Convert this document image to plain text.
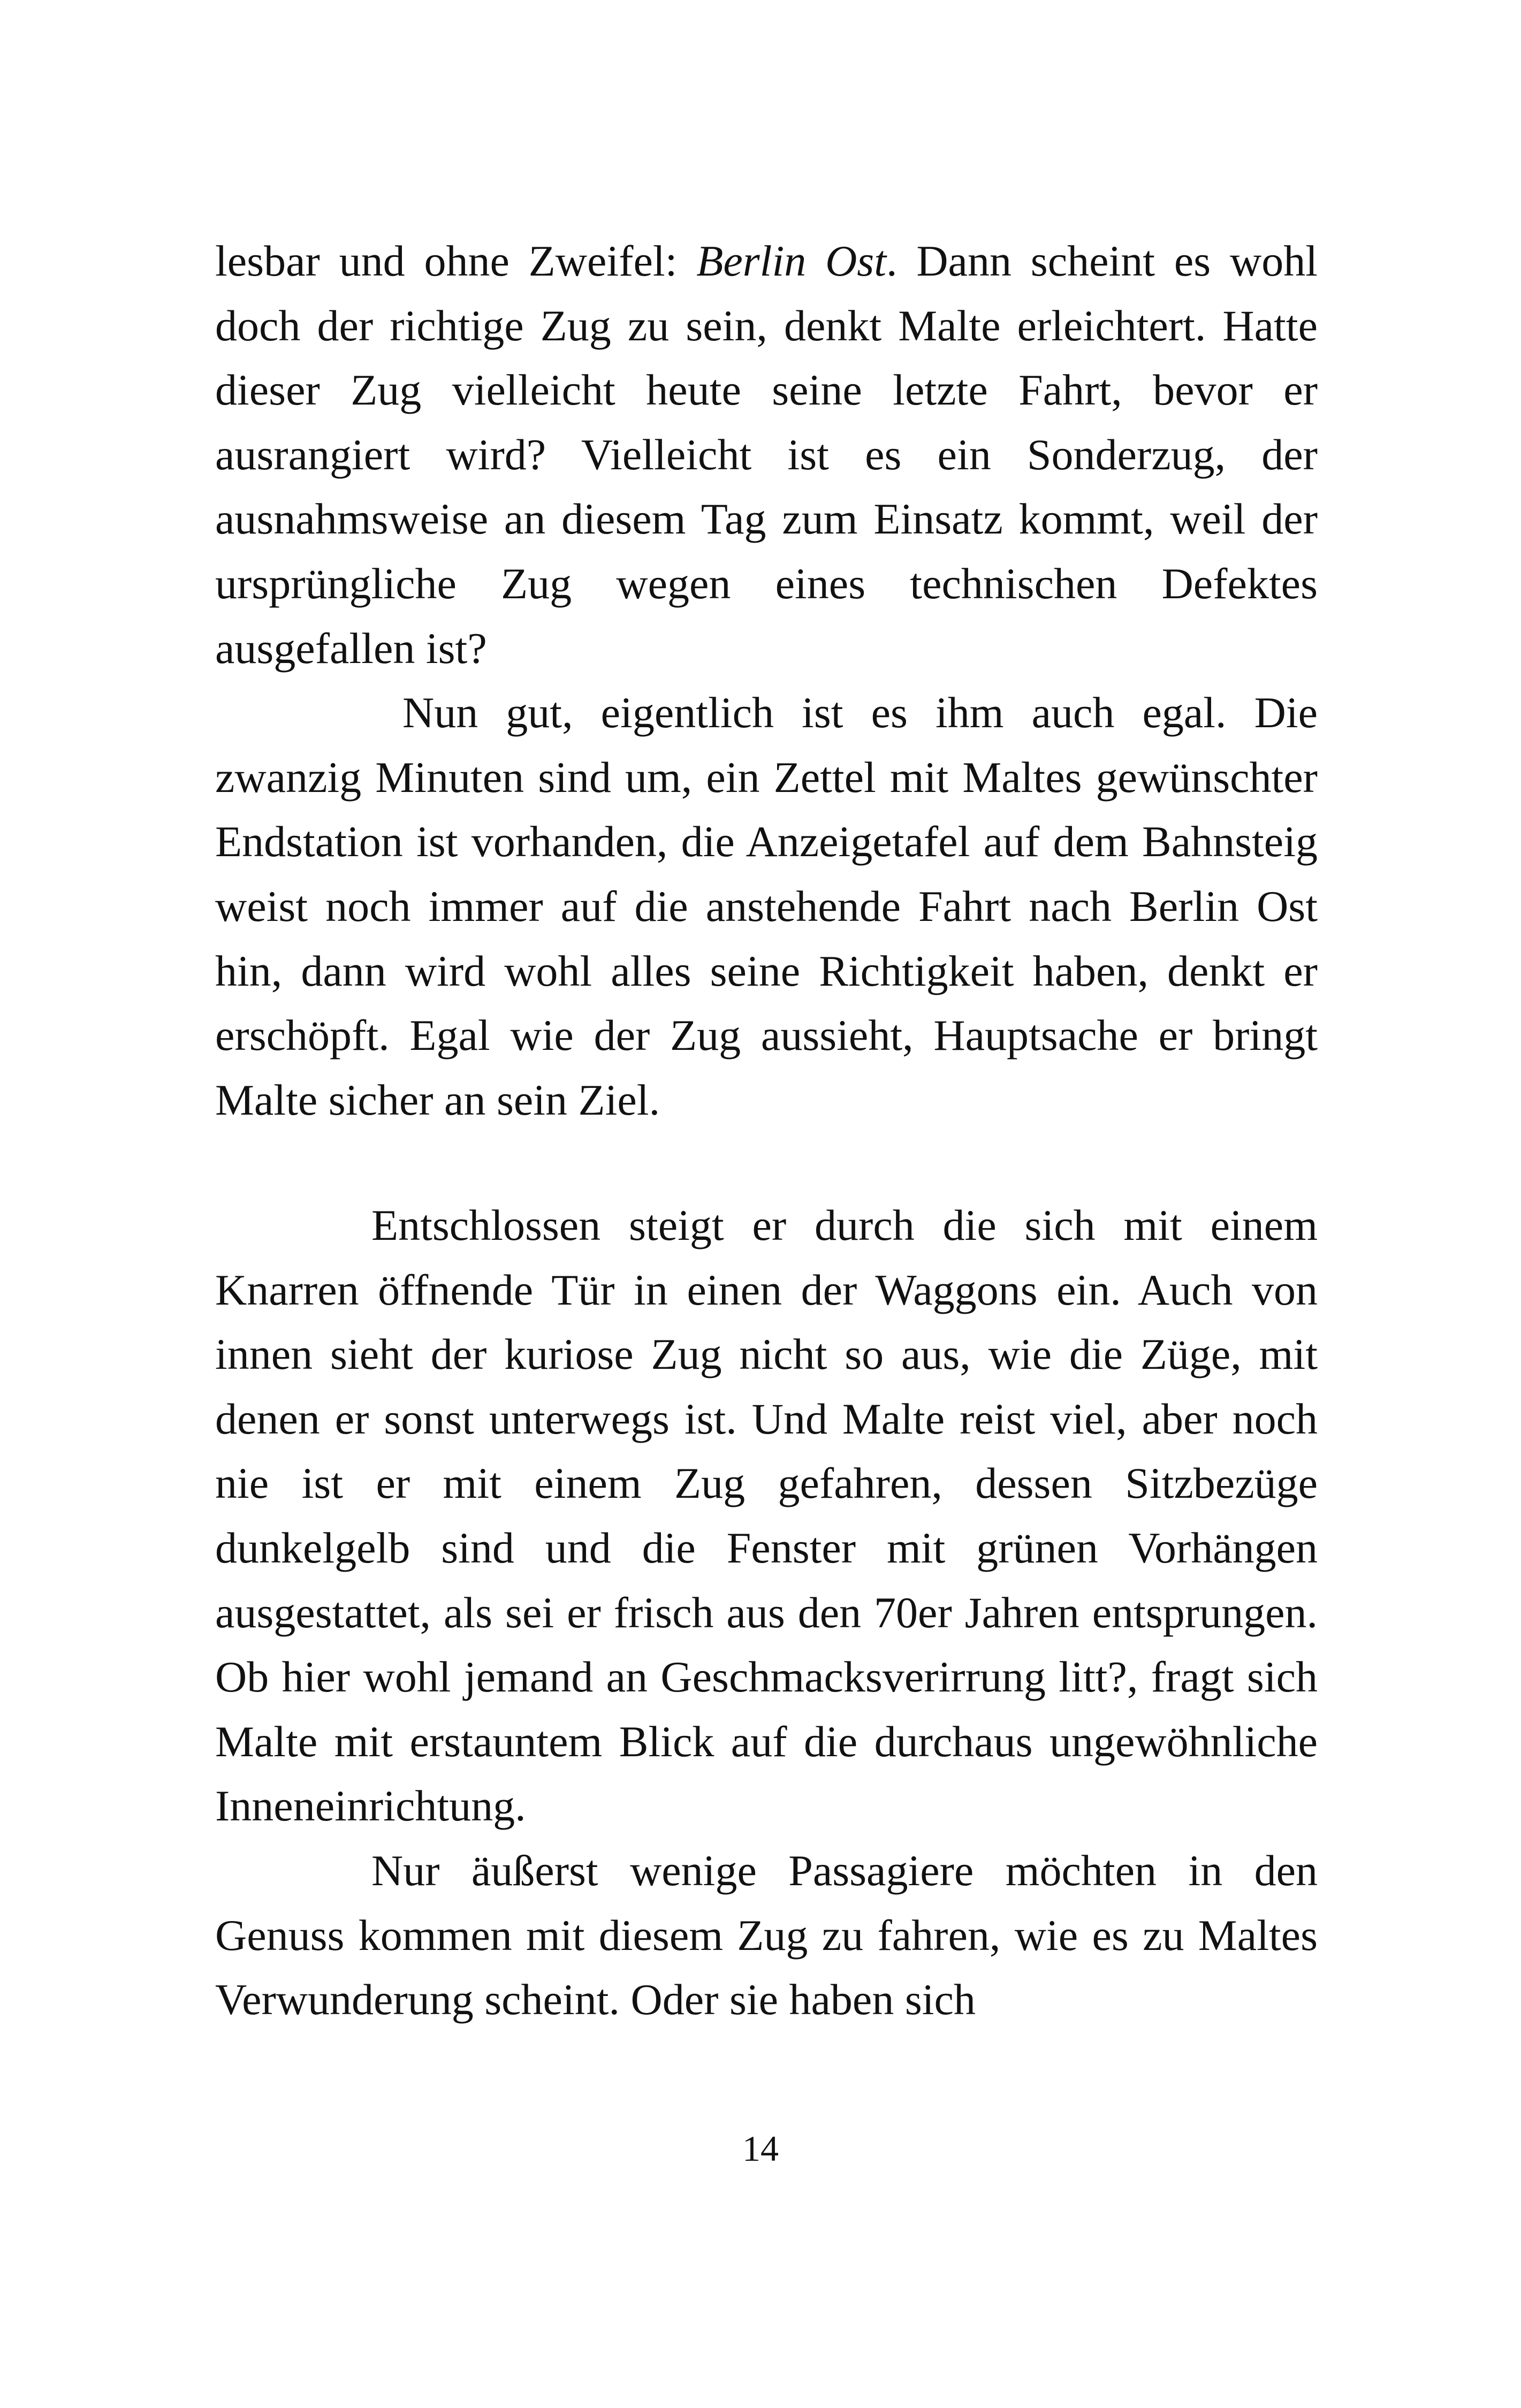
lesbar und ohne Zweifel: Berlin Ost. Dann scheint es wohl doch der richtige Zug zu sein, denkt Malte erleichtert. Hatte dieser Zug vielleicht heute seine letzte Fahrt, bevor er ausrangiert wird? Vielleicht ist es ein Sonderzug, der ausnahmsweise an diesem Tag zum Einsatz kommt, weil der ursprüngliche Zug wegen eines technischen Defektes ausgefallen ist?

Nun gut, eigentlich ist es ihm auch egal. Die zwanzig Minuten sind um, ein Zettel mit Maltes gewünschter Endstation ist vorhanden, die Anzeigetafel auf dem Bahnsteig weist noch immer auf die anstehende Fahrt nach Berlin Ost hin, dann wird wohl alles seine Richtigkeit haben, denkt er erschöpft. Egal wie der Zug aussieht, Hauptsache er bringt Malte sicher an sein Ziel.

Entschlossen steigt er durch die sich mit einem Knarren öffnende Tür in einen der Waggons ein. Auch von innen sieht der kuriose Zug nicht so aus, wie die Züge, mit denen er sonst unterwegs ist. Und Malte reist viel, aber noch nie ist er mit einem Zug gefahren, dessen Sitzbezüge dunkelgelb sind und die Fenster mit grünen Vorhängen ausgestattet, als sei er frisch aus den 70er Jahren entsprungen. Ob hier wohl jemand an Geschmacksverirrung litt?, fragt sich Malte mit erstauntem Blick auf die durchaus ungewöhnliche Inneneinrichtung.

Nur äußerst wenige Passagiere möchten in den Genuss kommen mit diesem Zug zu fahren, wie es zu Maltes Verwunderung scheint. Oder sie haben sich

14
